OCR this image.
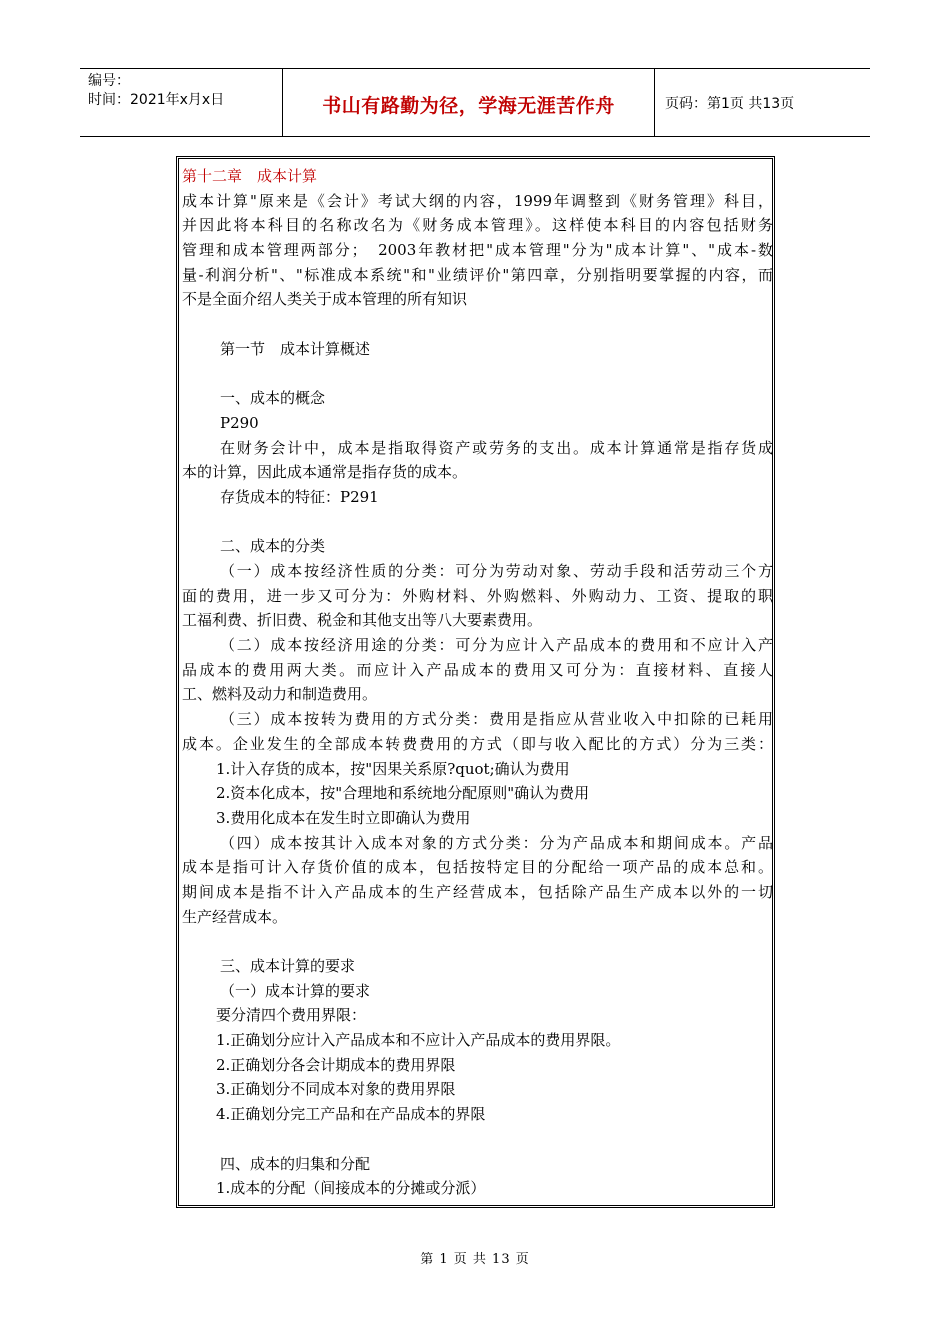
编号：
时间：2021年x月x日	书山有路勤为径，学海无涯苦作舟	页码：第1页 共13页
第十二章　成本计算
成本计算"原来是《会计》考试大纲的内容，1999年调整到《财务管理》科目，
并因此将本科目的名称改名为《财务成本管理》。这样使本科目的内容包括财务
管理和成本管理两部分；　2003年教材把"成本管理"分为"成本计算"、"成本-数
量-利润分析"、"标准成本系统"和"业绩评价"第四章，分别指明要掌握的内容，而
不是全面介绍人类关于成本管理的所有知识
第一节　成本计算概述
一、成本的概念
P290
在财务会计中，成本是指取得资产或劳务的支出。成本计算通常是指存货成
本的计算，因此成本通常是指存货的成本。
存货成本的特征：P291
二、成本的分类
（一）成本按经济性质的分类：可分为劳动对象、劳动手段和活劳动三个方
面的费用，进一步又可分为：外购材料、外购燃料、外购动力、工资、提取的职
工福利费、折旧费、税金和其他支出等八大要素费用。
（二）成本按经济用途的分类：可分为应计入产品成本的费用和不应计入产
品成本的费用两大类。而应计入产品成本的费用又可分为：直接材料、直接人
工、燃料及动力和制造费用。
（三）成本按转为费用的方式分类：费用是指应从营业收入中扣除的已耗用
成本。企业发生的全部成本转费费用的方式（即与收入配比的方式）分为三类：
1.计入存货的成本，按"因果关系原?quot;确认为费用
2.资本化成本，按"合理地和系统地分配原则"确认为费用
3.费用化成本在发生时立即确认为费用
（四）成本按其计入成本对象的方式分类：分为产品成本和期间成本。产品
成本是指可计入存货价值的成本，包括按特定目的分配给一项产品的成本总和。
期间成本是指不计入产品成本的生产经营成本，包括除产品生产成本以外的一切
生产经营成本。
三、成本计算的要求
（一）成本计算的要求
要分清四个费用界限：
1.正确划分应计入产品成本和不应计入产品成本的费用界限。
2.正确划分各会计期成本的费用界限
3.正确划分不同成本对象的费用界限
4.正确划分完工产品和在产品成本的界限
四、成本的归集和分配
1.成本的分配（间接成本的分摊或分派）
第 1 页 共 13 页
